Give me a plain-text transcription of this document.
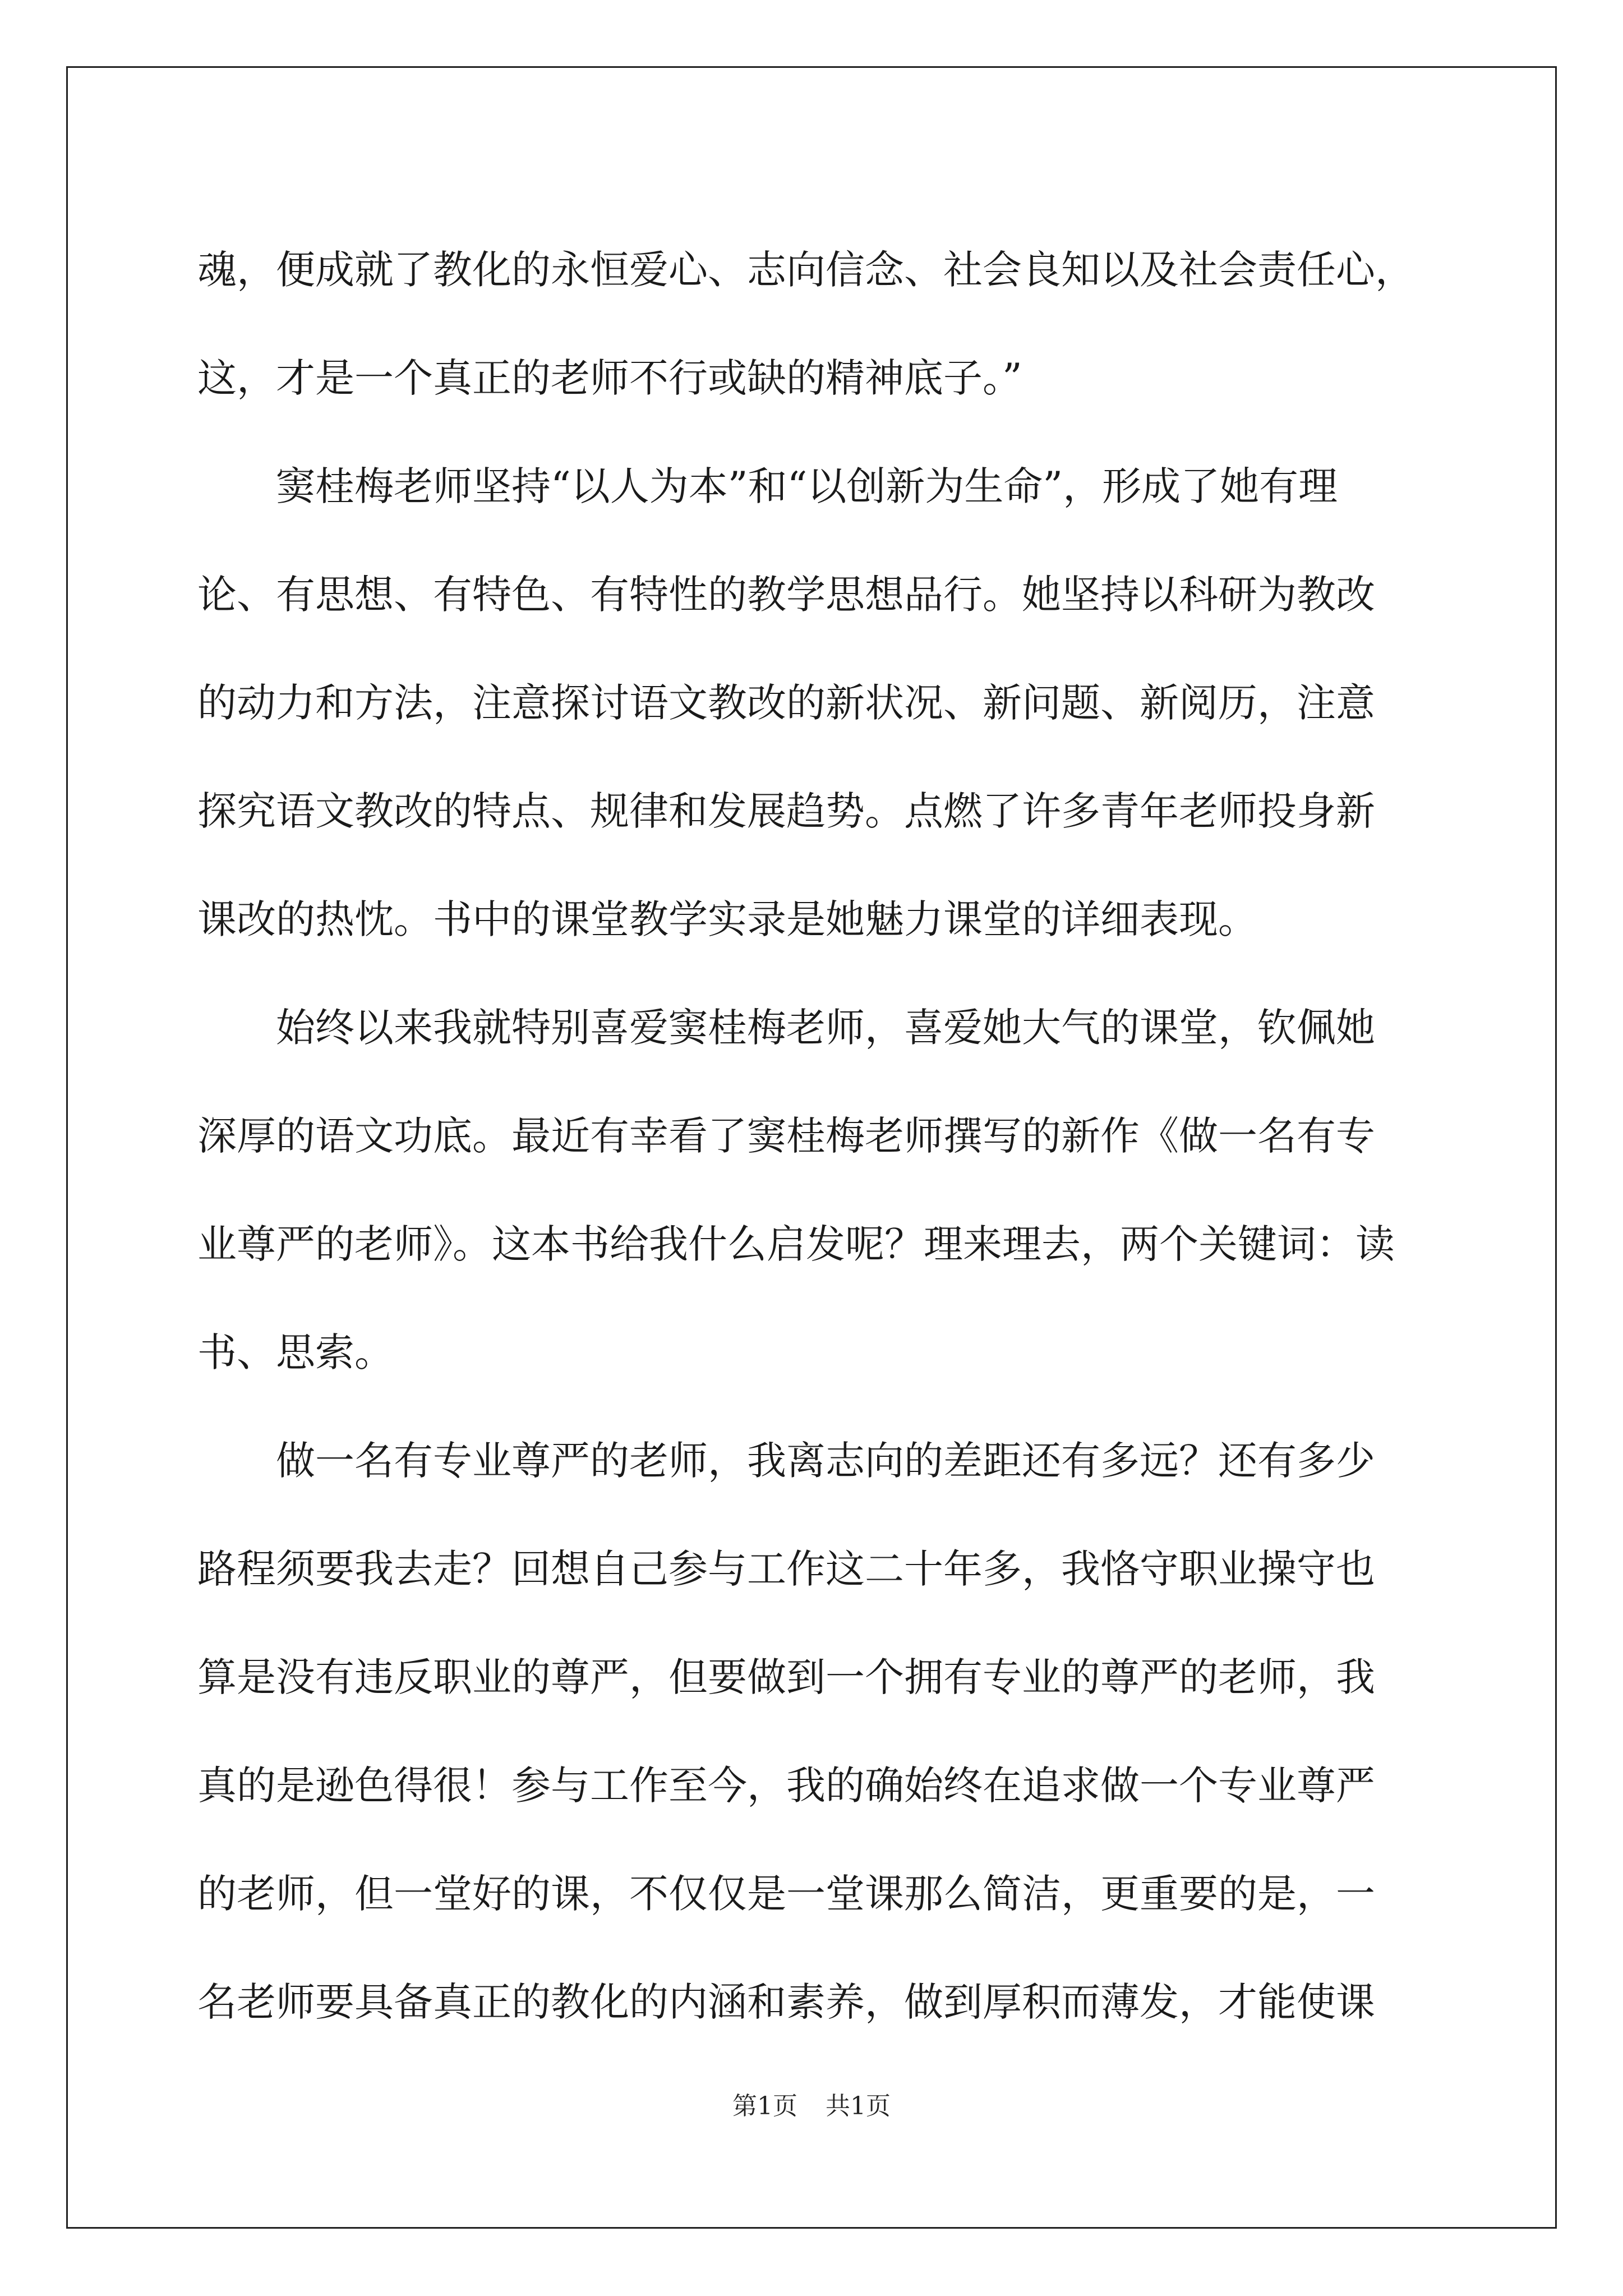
魂，便成就了教化的永恒爱心、志向信念、社会良知以及社会责任心，
这，才是一个真正的老师不行或缺的精神底子。”
　　窦桂梅老师坚持“以人为本”和“以创新为生命”，形成了她有理
论、有思想、有特色、有特性的教学思想品行。她坚持以科研为教改
的动力和方法，注意探讨语文教改的新状况、新问题、新阅历，注意
探究语文教改的特点、规律和发展趋势。点燃了许多青年老师投身新
课改的热忱。书中的课堂教学实录是她魅力课堂的详细表现。
　　始终以来我就特别喜爱窦桂梅老师，喜爱她大气的课堂，钦佩她
深厚的语文功底。最近有幸看了窦桂梅老师撰写的新作《做一名有专
业尊严的老师》。这本书给我什么启发呢？理来理去，两个关键词：读
书、思索。
　　做一名有专业尊严的老师，我离志向的差距还有多远？还有多少
路程须要我去走？回想自己参与工作这二十年多，我恪守职业操守也
算是没有违反职业的尊严，但要做到一个拥有专业的尊严的老师，我
真的是逊色得很！参与工作至今，我的确始终在追求做一个专业尊严
的老师，但一堂好的课，不仅仅是一堂课那么简洁，更重要的是，一
名老师要具备真正的教化的内涵和素养，做到厚积而薄发，才能使课
第1页 共1页
